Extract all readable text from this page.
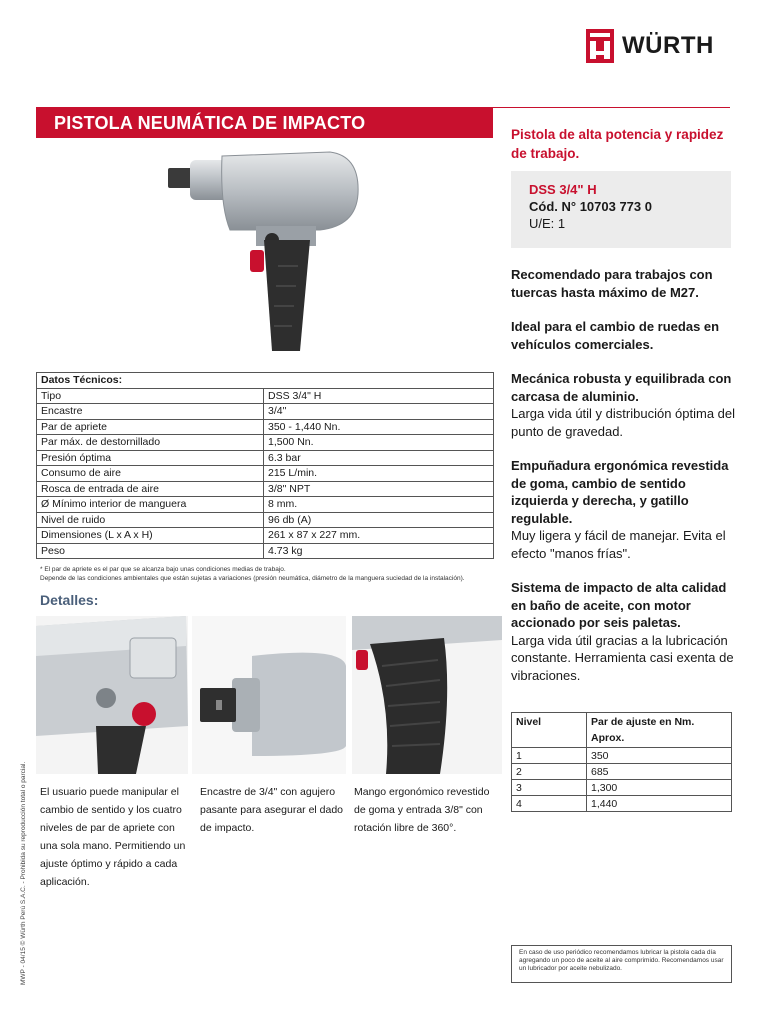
WÜRTH
PISTOLA NEUMÁTICA DE IMPACTO
Pistola de alta potencia y rapidez de trabajo.
DSS 3/4" H
Cód. N° 10703 773 0
U/E: 1
Recomendado para trabajos con tuercas hasta máximo de M27.
Ideal para el cambio de ruedas en vehículos comerciales.
Mecánica robusta y equilibrada con carcasa de aluminio.
Larga vida útil y distribución óptima del punto de gravedad.
Empuñadura ergonómica revestida de goma, cambio de sentido izquierda y derecha, y gatillo regulable.
Muy ligera y fácil de manejar. Evita el efecto "manos frías".
Sistema de impacto de alta calidad en baño de aceite, con motor accionado por seis paletas.
Larga vida útil gracias a la lubricación constante. Herramienta casi exenta de vibraciones.
Datos Técnicos:	
Tipo	DSS 3/4" H
Encastre	3/4"
Par de apriete	350 - 1,440 Nn.
Par máx. de destornillado	1,500 Nn.
Presión óptima	6.3 bar
Consumo de aire	215 L/min.
Rosca de entrada de aire	3/8" NPT
Ø Mínimo interior de manguera	8 mm.
Nivel de ruido	96 db (A)
Dimensiones (L x A x H)	261 x 87 x 227 mm.
Peso	4.73 kg
* El par de apriete es el par que se alcanza bajo unas condiciones medias de trabajo.
Depende de las condiciones ambientales que están sujetas a variaciones (presión neumática, diámetro de la manguera suciedad de la instalación).
Detalles:
El usuario puede manipular el cambio de sentido y los cuatro niveles de par de apriete con una sola mano. Permitiendo un ajuste óptimo y rápido a cada aplicación.
Encastre de 3/4" con agujero pasante para asegurar el dado de impacto.
Mango ergonómico revestido de goma y entrada 3/8" con rotación libre de 360°.
Nivel	Par de ajuste en Nm. Aprox.
1	350
2	685
3	1,300
4	1,440
En caso de uso periódico recomendamos lubricar la pistola cada día agregando un poco de aceite al aire comprimido. Recomendamos usar un lubricador por aceite nebulizado.
MWP - 04/15 © Würth Perú S.A.C. - Prohibida su reproducción total o parcial.
